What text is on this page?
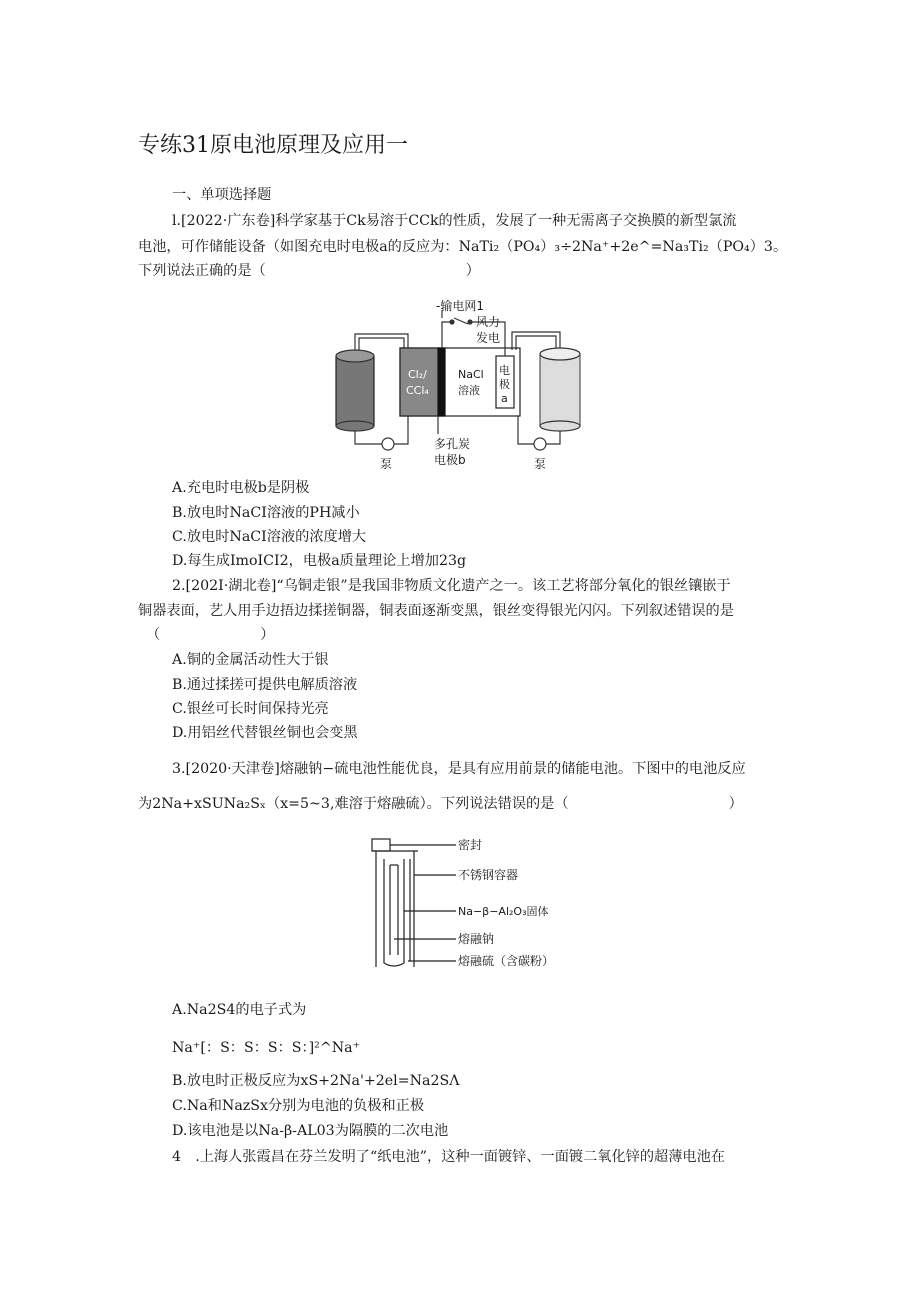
专练31原电池原理及应用一
一、单项选择题
l.[2022·广东卷]科学家基于Ck易溶于CCk的性质，发展了一种无需离子交换膜的新型氯流
电池，可作储能设备（如图充电时电极a的反应为：NaTi₂（PO₄）₃÷2Na⁺+2e^=Na₃Ti₂（PO₄）3。
下列说法正确的是（	）
-输电网1
风力
发电
Cl₂/
CCl₄
NaCl
溶液
电
极
a
泵	泵
多孔炭
电极b
A.充电时电极b是阴极
B.放电时NaCI溶液的PH减小
C.放电时NaCI溶液的浓度增大
D.每生成ImoICI2，电极a质量理论上增加23g
2.[202I·湖北卷]“乌铜走银”是我国非物质文化遗产之一。该工艺将部分氧化的银丝镶嵌于
铜器表面，艺人用手边捂边揉搓铜器，铜表面逐渐变黑，银丝变得银光闪闪。下列叙述错误的是
（	）
A.铜的金属活动性大于银
B.通过揉搓可提供电解质溶液
C.银丝可长时间保持光亮
D.用铝丝代替银丝铜也会变黑
3.[2020·天津卷]熔融钠−硫电池性能优良，是具有应用前景的储能电池。下图中的电池反应
为2Na+xSUNa₂Sₓ（x=5~3,难溶于熔融硫）。下列说法错误的是（	）
密封
不锈钢容器
Na−β−Al₂O₃固体
熔融钠
熔融硫（含碳粉）
A.Na2S4的电子式为
Na⁺[：S：S：S：S：]²^Na⁺
B.放电时正极反应为xS+2Na'+2el=Na2SΛ
C.Na和NazSx分别为电池的负极和正极
D.该电池是以Na-β-AL03为隔膜的二次电池
4　.上海人张霞昌在芬兰发明了“纸电池”，这种一面镀锌、一面镀二氧化锌的超薄电池在
